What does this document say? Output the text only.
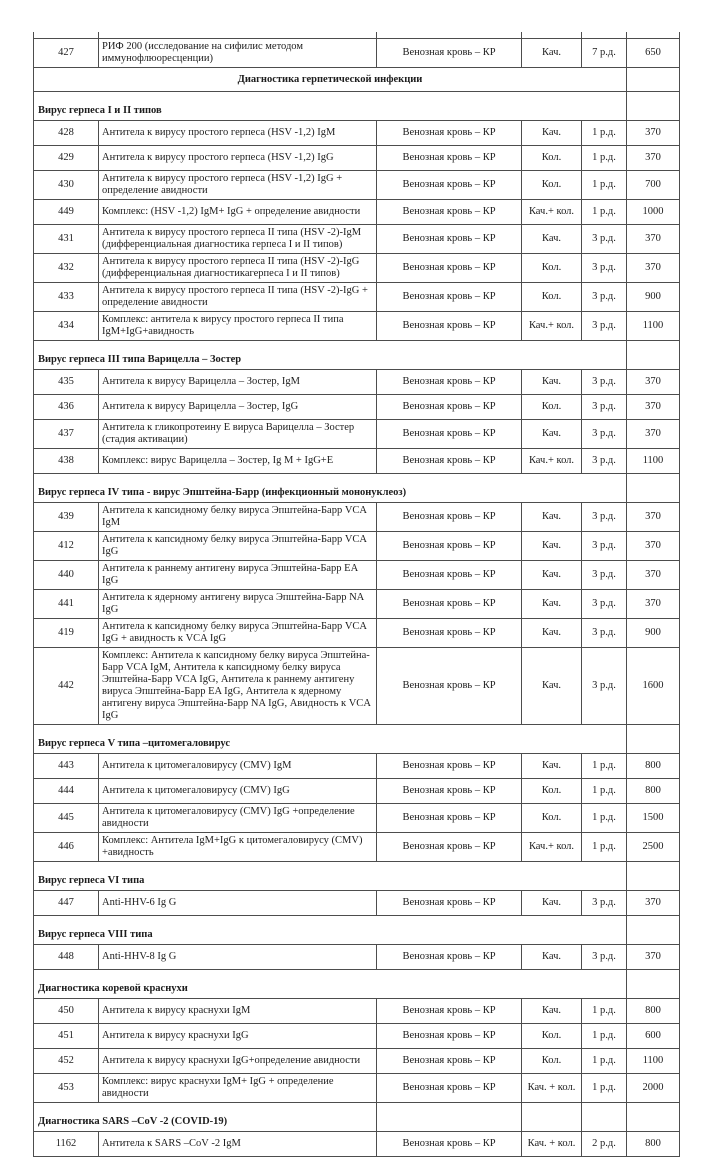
427	РИФ 200 (исследование на сифилис методом иммунофлюоресценции)	Венозная кровь – КР	Кач.	7 р.д.	650
Диагностика герпетической инфекции					
Вирус герпеса I и II типов					
428	Антитела к вирусу простого герпеса (HSV -1,2) IgM	Венозная кровь – КР	Кач.	1 р.д.	370
429	Антитела к вирусу простого герпеса (HSV -1,2) IgG	Венозная кровь – КР	Кол.	1 р.д.	370
430	Антитела к вирусу простого герпеса (HSV -1,2) IgG + определение авидности	Венозная кровь – КР	Кол.	1 р.д.	700
449	Комплекс: (HSV -1,2) IgM+ IgG + определение авидности	Венозная кровь – КР	Кач.+ кол.	1 р.д.	1000
431	Антитела к вирусу простого герпеса II типа (HSV -2)-IgM (дифференциальная диагностика герпеса I и II типов)	Венозная кровь – КР	Кач.	3 р.д.	370
432	Антитела к вирусу простого герпеса II типа (HSV -2)-IgG (дифференциальная диагностикагерпеса I и II типов)	Венозная кровь – КР	Кол.	3 р.д.	370
433	Антитела к вирусу простого герпеса II типа (HSV -2)-IgG + определение авидности	Венозная кровь – КР	Кол.	3 р.д.	900
434	Комплекс: антитела к вирусу простого герпеса II типа IgM+IgG+авидность	Венозная кровь – КР	Кач.+ кол.	3 р.д.	1100
Вирус герпеса III типа Варицелла – Зостер					
435	Антитела к вирусу Варицелла – Зостер, IgM	Венозная кровь – КР	Кач.	3 р.д.	370
436	Антитела к вирусу Варицелла – Зостер, IgG	Венозная кровь – КР	Кол.	3 р.д.	370
437	Антитела к гликопротеину Е вируса Варицелла – Зостер (стадия активации)	Венозная кровь – КР	Кач.	3 р.д.	370
438	Комплекс: вирус Варицелла – Зостер, Ig M + IgG+Е	Венозная кровь – КР	Кач.+ кол.	3 р.д.	1100
Вирус герпеса IV типа - вирус Эпштейна-Барр (инфекционный мононуклеоз)					
439	Антитела к капсидному белку вируса Эпштейна-Барр VCA IgM	Венозная кровь – КР	Кач.	3 р.д.	370
412	Антитела к капсидному белку вируса Эпштейна-Барр VCA IgG	Венозная кровь – КР	Кач.	3 р.д.	370
440	Антитела к раннему антигену вируса Эпштейна-Барр EA IgG	Венозная кровь – КР	Кач.	3 р.д.	370
441	Антитела к ядерному антигену вируса Эпштейна-Барр NA IgG	Венозная кровь – КР	Кач.	3 р.д.	370
419	Антитела к капсидному белку вируса Эпштейна-Барр VCA IgG + авидность к VCA IgG	Венозная кровь – КР	Кач.	3 р.д.	900
442	Комплекс: Антитела к капсидному белку вируса Эпштейна-Барр VCA IgM, Антитела к капсидному белку вируса Эпштейна-Барр VCA IgG, Антитела к раннему антигену вируса Эпштейна-Барр EA IgG, Антитела к ядерному антигену вируса Эпштейна-Барр NA IgG, Авидность к VCA IgG	Венозная кровь – КР	Кач.	3 р.д.	1600
Вирус герпеса V типа –цитомегаловирус					
443	Антитела к цитомегаловирусу (CMV) IgM	Венозная кровь – КР	Кач.	1 р.д.	800
444	Антитела к цитомегаловирусу (CMV) IgG	Венозная кровь – КР	Кол.	1 р.д.	800
445	Антитела к цитомегаловирусу (CMV) IgG +определение авидности	Венозная кровь – КР	Кол.	1 р.д.	1500
446	Комплекс: Антитела IgM+IgG к цитомегаловирусу (CMV) +авидность	Венозная кровь – КР	Кач.+ кол.	1 р.д.	2500
Вирус герпеса VI типа					
447	Anti-HHV-6 Ig G	Венозная кровь – КР	Кач.	3 р.д.	370
Вирус герпеса VIII типа					
448	Anti-HHV-8 Ig G	Венозная кровь – КР	Кач.	3 р.д.	370
Диагностика коревой краснухи					
450	Антитела к вирусу краснухи IgM	Венозная кровь – КР	Кач.	1 р.д.	800
451	Антитела к вирусу краснухи IgG	Венозная кровь – КР	Кол.	1 р.д.	600
452	Антитела к вирусу краснухи IgG+определение авидности	Венозная кровь – КР	Кол.	1 р.д.	1100
453	Комплекс: вирус краснухи IgM+ IgG + определение авидности	Венозная кровь – КР	Кач. + кол.	1 р.д.	2000
Диагностика SARS –CoV -2 (COVID-19)					
1162	Антитела к SARS –CoV -2 IgM	Венозная кровь – КР	Кач. + кол.	2 р.д.	800
